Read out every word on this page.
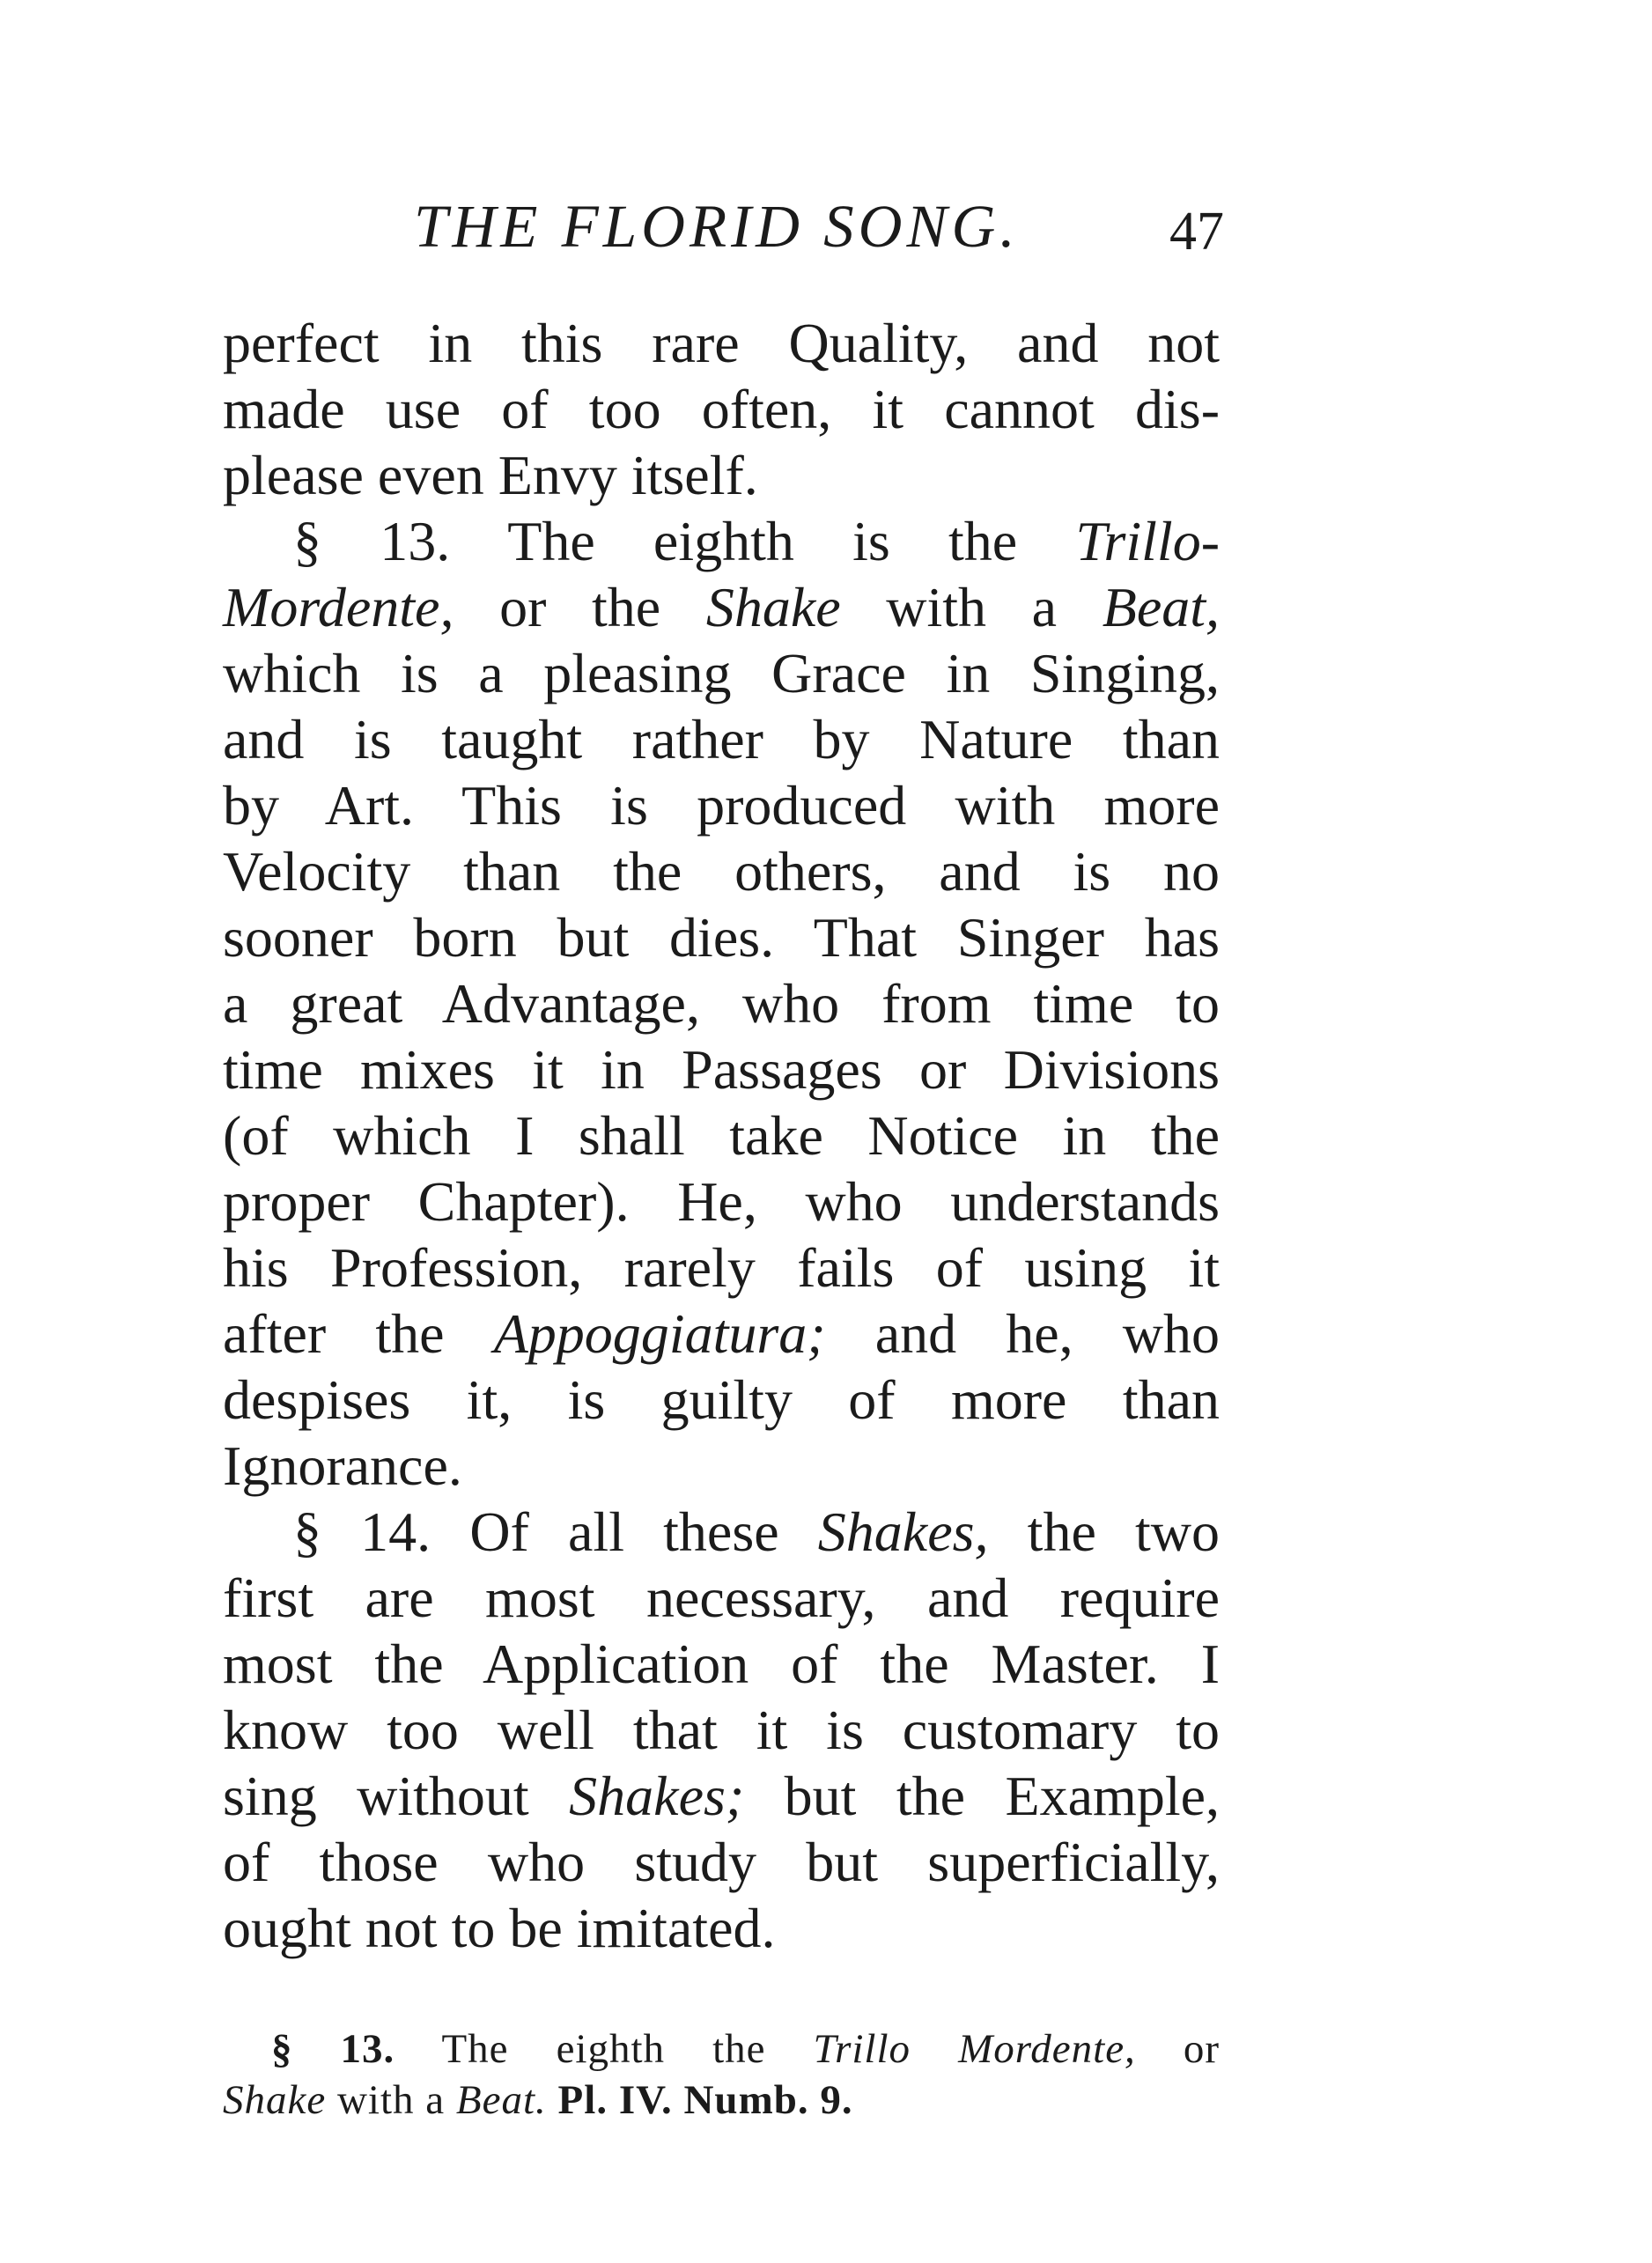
THE FLORID SONG.	47
perfect in this rare Quality, and not
made use of too often, it cannot dis-
please even Envy itself.
§ 13. The eighth is the Trillo-
Mordente, or the Shake with a Beat,
which is a pleasing Grace in Singing,
and is taught rather by Nature than
by Art. This is produced with more
Velocity than the others, and is no
sooner born but dies. That Singer has
a great Advantage, who from time to
time mixes it in Passages or Divisions
(of which I shall take Notice in the
proper Chapter). He, who understands
his Profession, rarely fails of using it
after the Appoggiatura; and he, who
despises it, is guilty of more than
Ignorance.
§ 14. Of all these Shakes, the two
first are most necessary, and require
most the Application of the Master. I
know too well that it is customary to
sing without Shakes; but the Example,
of those who study but superficially,
ought not to be imitated.
§ 13. The eighth the Trillo Mordente, or
Shake with a Beat. Pl. IV. Numb. 9.
